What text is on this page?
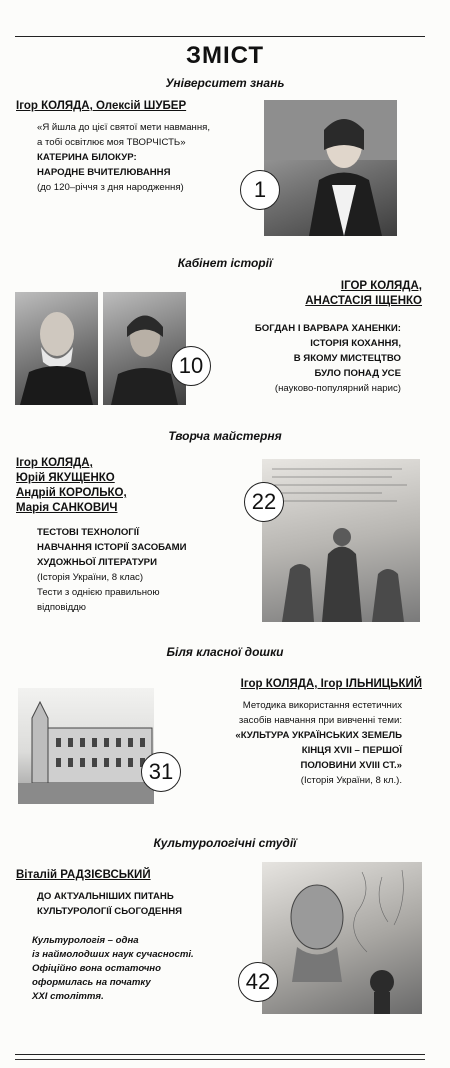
ЗМІСТ
Університет знань
Ігор КОЛЯДА, Олексій ШУБЕР
«Я йшла до цієї святої мети навмання,
а тобі освітлює моя ТВОРЧІСТЬ»
КАТЕРИНА БІЛОКУР:
НАРОДНЕ ВЧИТЕЛЮВАННЯ
(до 120–річчя з дня народження)	1
Кабінет історії
ІГОР КОЛЯДА,
АНАСТАСІЯ ІЩЕНКО
БОГДАН І ВАРВАРА ХАНЕНКИ:
ІСТОРІЯ КОХАННЯ,
В ЯКОМУ МИСТЕЦТВО
БУЛО ПОНАД УСЕ
(науково-популярний нарис)
10
Творча майстерня
Ігор КОЛЯДА,
Юрій ЯКУЩЕНКО
Андрій КОРОЛЬКО,
Марія САНКОВИЧ
ТЕСТОВІ ТЕХНОЛОГІЇ
НАВЧАННЯ ІСТОРІЇ ЗАСОБАМИ
ХУДОЖНЬОЇ ЛІТЕРАТУРИ
(Історія України, 8 клас)
Тести з однією правильною
відповіддю
22
Біля класної дошки
Ігор КОЛЯДА, Ігор ІЛЬНИЦЬКИЙ
Методика використання естетичних
засобів навчання при вивченні теми:
«КУЛЬТУРА УКРАЇНСЬКИХ ЗЕМЕЛЬ
КІНЦЯ XVII – ПЕРШОЇ
ПОЛОВИНИ XVIII СТ.»
(Історія України, 8 кл.).
31
Культурологічні студії
Віталій РАДЗІЄВСЬКИЙ
ДО АКТУАЛЬНІШИХ ПИТАНЬ
КУЛЬТУРОЛОГІЇ СЬОГОДЕННЯ
Культурологія – одна
із наймолодших наук сучасності.
Офіційно вона остаточно
оформилась на початку
XXI століття.
42
